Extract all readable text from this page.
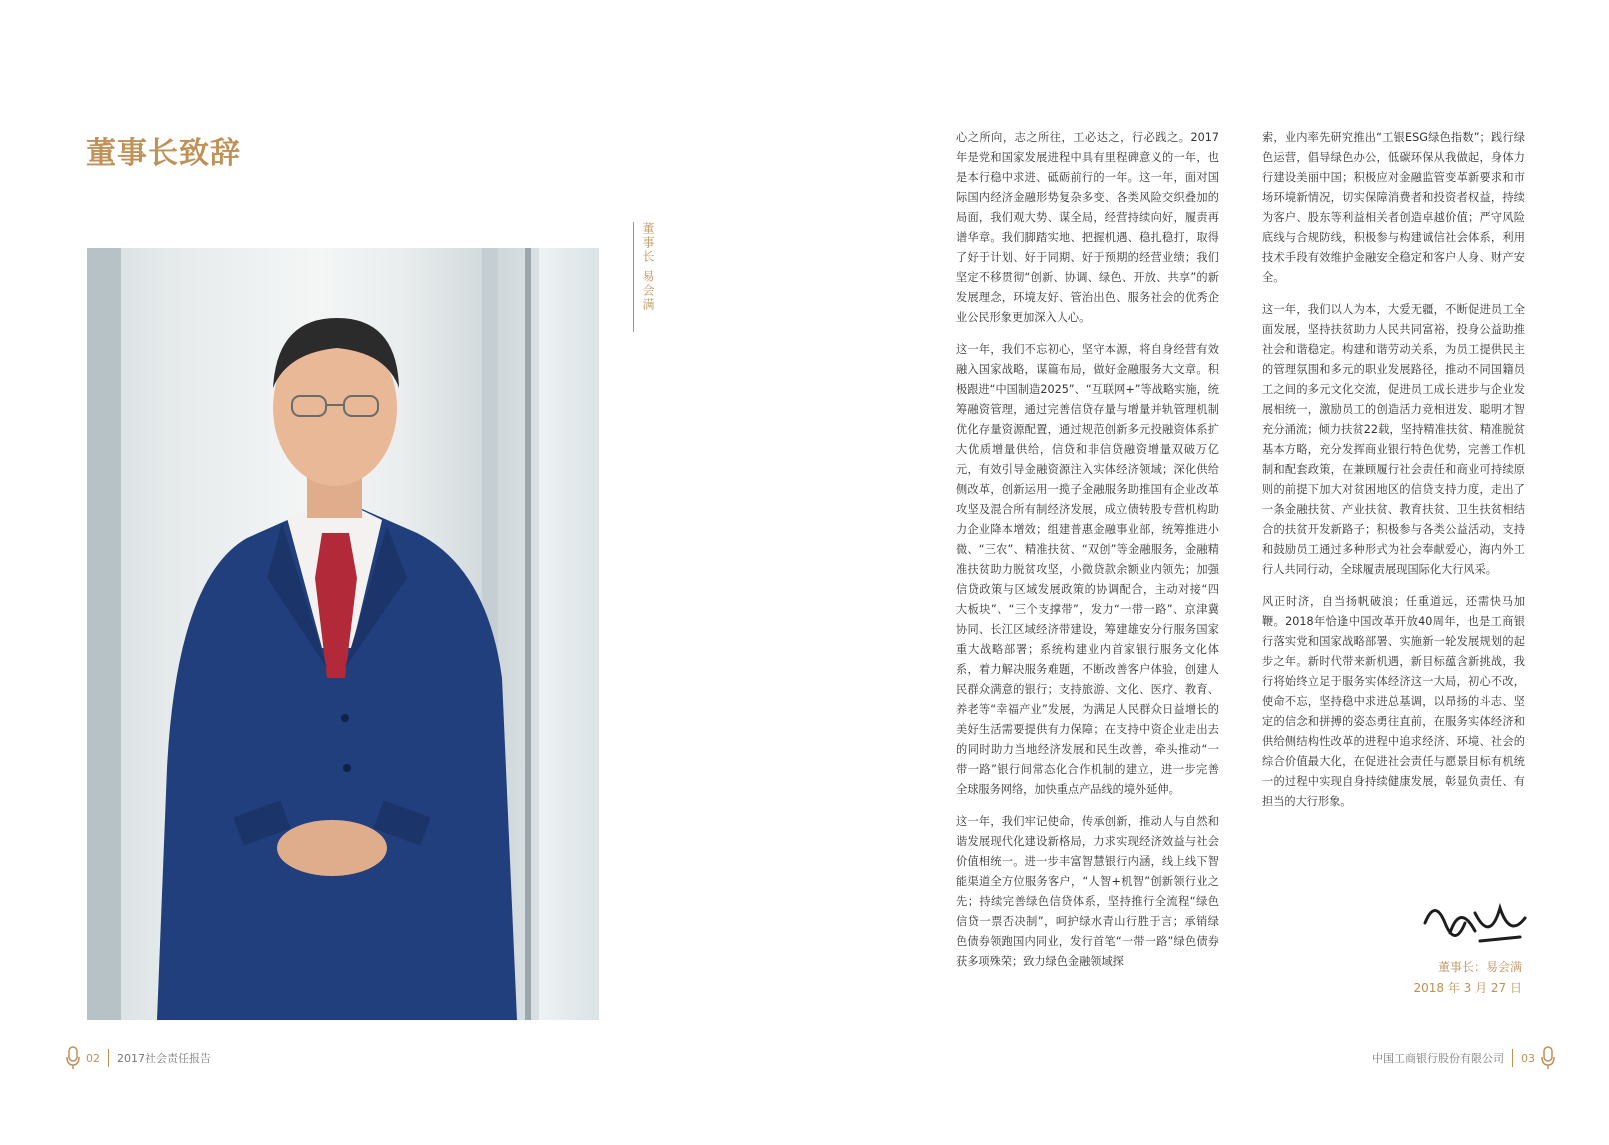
董事长致辞
董事长 易会满

心之所向，志之所往，工必达之，行必践之。2017年是党和国家发展进程中具有里程碑意义的一年，也是本行稳中求进、砥砺前行的一年。这一年，面对国际国内经济金融形势复杂多变、各类风险交织叠加的局面，我们观大势、谋全局，经营持续向好，履责再谱华章。我们脚踏实地、把握机遇、稳扎稳打，取得了好于计划、好于同期、好于预期的经营业绩；我们坚定不移贯彻“创新、协调、绿色、开放、共享”的新发展理念，环境友好、管治出色、服务社会的优秀企业公民形象更加深入人心。

这一年，我们不忘初心，坚守本源，将自身经营有效融入国家战略，谋篇布局，做好金融服务大文章。积极跟进“中国制造2025”、“互联网+”等战略实施，统筹融资管理，通过完善信贷存量与增量并轨管理机制优化存量资源配置，通过规范创新多元投融资体系扩大优质增量供给，信贷和非信贷融资增量双破万亿元，有效引导金融资源注入实体经济领域；深化供给侧改革，创新运用一揽子金融服务助推国有企业改革攻坚及混合所有制经济发展，成立债转股专营机构助力企业降本增效；组建普惠金融事业部，统筹推进小微、“三农”、精准扶贫、“双创”等金融服务，金融精准扶贫助力脱贫攻坚，小微贷款余额业内领先；加强信贷政策与区域发展政策的协调配合，主动对接“四大板块”、“三个支撑带”，发力“一带一路”、京津冀协同、长江区域经济带建设，筹建雄安分行服务国家重大战略部署；系统构建业内首家银行服务文化体系，着力解决服务难题，不断改善客户体验，创建人民群众满意的银行；支持旅游、文化、医疗、教育、养老等“幸福产业”发展，为满足人民群众日益增长的美好生活需要提供有力保障；在支持中资企业走出去的同时助力当地经济发展和民生改善，牵头推动“一带一路”银行间常态化合作机制的建立，进一步完善全球服务网络，加快重点产品线的境外延伸。

这一年，我们牢记使命，传承创新，推动人与自然和谐发展现代化建设新格局，力求实现经济效益与社会价值相统一。进一步丰富智慧银行内涵，线上线下智能渠道全方位服务客户，“人智+机智”创新领行业之先；持续完善绿色信贷体系，坚持推行全流程“绿色信贷一票否决制”，呵护绿水青山行胜于言；承销绿色债券领跑国内同业，发行首笔“一带一路”绿色债券获多项殊荣；致力绿色金融领域探

索，业内率先研究推出“工银ESG绿色指数”；践行绿色运营，倡导绿色办公，低碳环保从我做起，身体力行建设美丽中国；积极应对金融监管变革新要求和市场环境新情况，切实保障消费者和投资者权益，持续为客户、股东等利益相关者创造卓越价值；严守风险底线与合规防线，积极参与构建诚信社会体系，利用技术手段有效维护金融安全稳定和客户人身、财产安全。

这一年，我们以人为本，大爱无疆，不断促进员工全面发展，坚持扶贫助力人民共同富裕，投身公益助推社会和谐稳定。构建和谐劳动关系，为员工提供民主的管理氛围和多元的职业发展路径，推动不同国籍员工之间的多元文化交流，促进员工成长进步与企业发展相统一，激励员工的创造活力竞相迸发、聪明才智充分涌流；倾力扶贫22载，坚持精准扶贫、精准脱贫基本方略，充分发挥商业银行特色优势，完善工作机制和配套政策，在兼顾履行社会责任和商业可持续原则的前提下加大对贫困地区的信贷支持力度，走出了一条金融扶贫、产业扶贫、教育扶贫、卫生扶贫相结合的扶贫开发新路子；积极参与各类公益活动，支持和鼓励员工通过多种形式为社会奉献爱心，海内外工行人共同行动，全球履责展现国际化大行风采。

风正时济，自当扬帆破浪；任重道远，还需快马加鞭。2018年恰逢中国改革开放40周年，也是工商银行落实党和国家战略部署、实施新一轮发展规划的起步之年。新时代带来新机遇，新目标蕴含新挑战，我行将始终立足于服务实体经济这一大局，初心不改，使命不忘，坚持稳中求进总基调，以昂扬的斗志、坚定的信念和拼搏的姿态勇往直前，在服务实体经济和供给侧结构性改革的进程中追求经济、环境、社会的综合价值最大化，在促进社会责任与愿景目标有机统一的过程中实现自身持续健康发展，彰显负责任、有担当的大行形象。

董事长：易会满
2018 年 3 月 27 日
02 2017社会责任报告	中国工商银行股份有限公司 03
